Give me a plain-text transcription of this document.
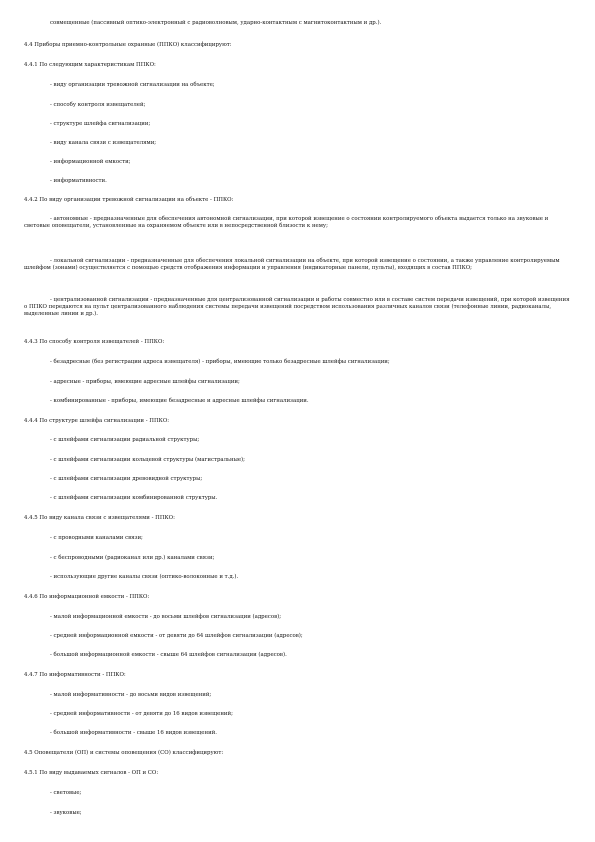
совмещенные (пассивный оптико-электронный с радиоволновым, ударно-контактным с магнитоконтактным и др.).
4.4 Приборы приемно-контрольные охранные (ППКО) классифицируют:
4.4.1 По следующим характеристикам ППКО:
- виду организации тревожной сигнализации на объекте;
- способу контроля извещателей;
- структуре шлейфа сигнализации;
- виду канала связи с извещателями;
- информационной емкости;
- информативности.
4.4.2 По виду организации тревожной сигнализации на объекте - ППКО:
- автономные - предназначенные для обеспечения автономной сигнализации, при которой извещение о состоянии контролируемого объекта выдается только на звуковые и световые оповещатели, установленные на охраняемом объекте или в непосредственной близости к нему;
- локальной сигнализации - предназначенные для обеспечения локальной сигнализации на объекте, при которой извещение о состоянии, а также управление контролируемым шлейфом (зонами) осуществляется с помощью средств отображения информации и управления (индикаторные панели, пульты), входящих в состав ППКО;
- централизованной сигнализации - предназначенные для централизованной сигнализации и работы совместно или в составе систем передачи извещений, при которой извещения о ППКО передаются на пульт централизованного наблюдения системы передачи извещений посредством использования различных каналов связи (телефонные линии, радиоканалы, выделенные линии и др.).
4.4.3 По способу контроля извещателей - ППКО:
- безадресные (без регистрации адреса извещателя) - приборы, имеющие только безадресные шлейфы сигнализации;
- адресные - приборы, имеющие адресные шлейфы сигнализации;
- комбинированные - приборы, имеющие безадресные и адресные шлейфы сигнализации.
4.4.4 По структуре шлейфа сигнализации - ППКО:
- с шлейфами сигнализации радиальной структуры;
- с шлейфами сигнализации кольцевой структуры (магистральные);
- с шлейфами сигнализации древовидной структуры;
- с шлейфами сигнализации комбинированной структуры.
4.4.5 По виду канала связи с извещателями - ППКО:
- с проводными каналами связи;
- с беспроводными (радиоканал или др.) каналами связи;
- использующие другие каналы связи (оптико-волоконные и т.д.).
4.4.6 По информационной емкости - ППКО:
- малой информационной емкости - до восьми шлейфов сигнализации (адресов);
- средней информационной емкости - от девяти до 64 шлейфов сигнализации (адресов);
- большой информационной емкости - свыше 64 шлейфов сигнализации (адресов).
4.4.7 По информативности - ППКО:
- малой информативности - до восьми видов извещений;
- средней информативности - от девяти до 16 видов извещений;
- большой информативности - свыше 16 видов извещений.
4.5 Оповещатели (ОП) и системы оповещения (СО) классифицируют:
4.5.1 По виду выдаваемых сигналов - ОП и СО:
- световые;
- звуковые;
